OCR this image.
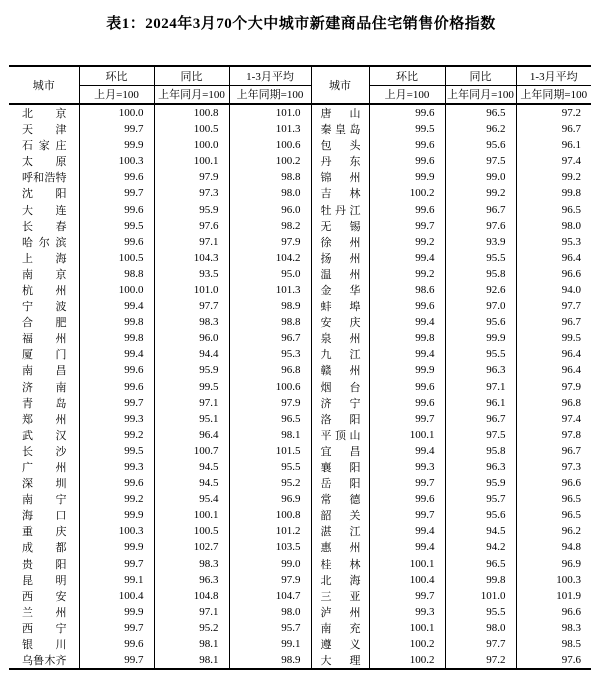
表1：2024年3月70个大中城市新建商品住宅销售价格指数
城市	环比	同比	1-3月平均	城市	环比	同比	1-3月平均
	上月=100	上年同月=100	上年同期=100		上月=100	上年同月=100	上年同期=100
北京	100.0	100.8	101.0	唐山	99.6	96.5	97.2
天津	99.7	100.5	101.3	秦皇岛	99.5	96.2	96.7
石家庄	99.9	100.0	100.6	包头	99.6	95.6	96.1
太原	100.3	100.1	100.2	丹东	99.6	97.5	97.4
呼和浩特	99.6	97.9	98.8	锦州	99.9	99.0	99.2
沈阳	99.7	97.3	98.0	吉林	100.2	99.2	99.8
大连	99.6	95.9	96.0	牡丹江	99.6	96.7	96.5
长春	99.5	97.6	98.2	无锡	99.7	97.6	98.0
哈尔滨	99.6	97.1	97.9	徐州	99.2	93.9	95.3
上海	100.5	104.3	104.2	扬州	99.4	95.5	96.4
南京	98.8	93.5	95.0	温州	99.2	95.8	96.6
杭州	100.0	101.0	101.3	金华	98.6	92.6	94.0
宁波	99.4	97.7	98.9	蚌埠	99.6	97.0	97.7
合肥	99.8	98.3	98.8	安庆	99.4	95.6	96.7
福州	99.8	96.0	96.7	泉州	99.8	99.9	99.5
厦门	99.4	94.4	95.3	九江	99.4	95.5	96.4
南昌	99.6	95.9	96.8	赣州	99.9	96.3	96.4
济南	99.6	99.5	100.6	烟台	99.6	97.1	97.9
青岛	99.7	97.1	97.9	济宁	99.6	96.1	96.8
郑州	99.3	95.1	96.5	洛阳	99.7	96.7	97.4
武汉	99.2	96.4	98.1	平顶山	100.1	97.5	97.8
长沙	99.5	100.7	101.5	宜昌	99.4	95.8	96.7
广州	99.3	94.5	95.5	襄阳	99.3	96.3	97.3
深圳	99.6	94.5	95.2	岳阳	99.7	95.9	96.6
南宁	99.2	95.4	96.9	常德	99.6	95.7	96.5
海口	99.9	100.1	100.8	韶关	99.7	95.6	96.5
重庆	100.3	100.5	101.2	湛江	99.4	94.5	96.2
成都	99.9	102.7	103.5	惠州	99.4	94.2	94.8
贵阳	99.7	98.3	99.0	桂林	100.1	96.5	96.9
昆明	99.1	96.3	97.9	北海	100.4	99.8	100.3
西安	100.4	104.8	104.7	三亚	99.7	101.0	101.9
兰州	99.9	97.1	98.0	泸州	99.3	95.5	96.6
西宁	99.7	95.2	95.7	南充	100.1	98.0	98.3
银川	99.6	98.1	99.1	遵义	100.2	97.7	98.5
乌鲁木齐	99.7	98.1	98.9	大理	100.2	97.2	97.6
